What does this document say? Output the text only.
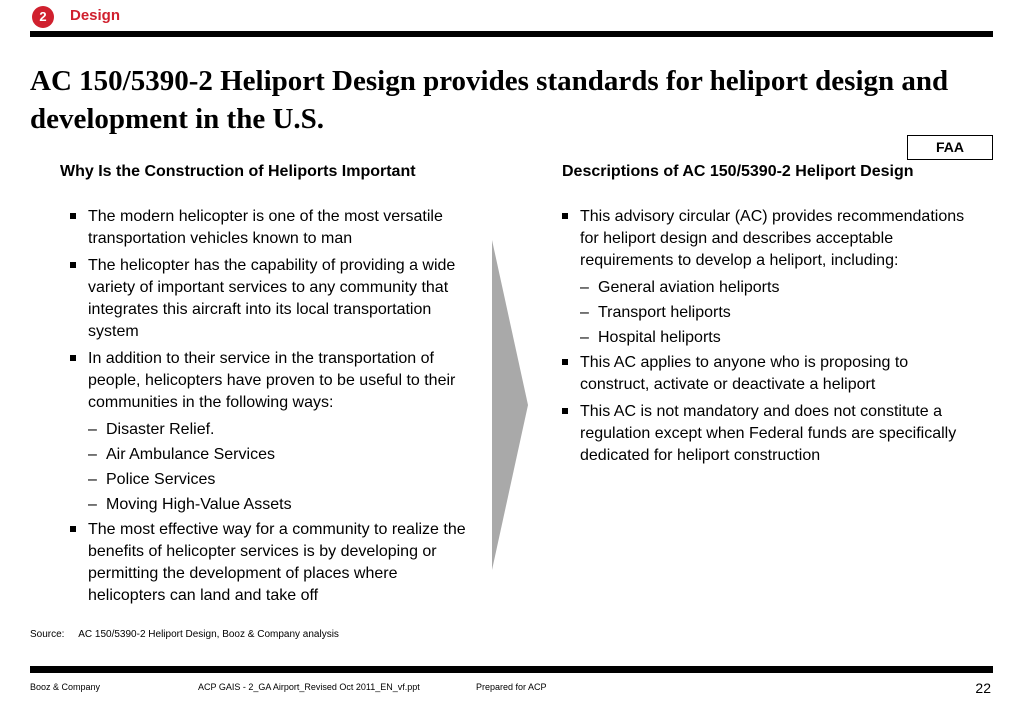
2	Design
AC 150/5390-2 Heliport Design provides standards for heliport design and development in the U.S.
FAA
Why Is the Construction of Heliports Important	Descriptions of AC 150/5390-2 Heliport Design
The modern helicopter is one of the most versatile transportation vehicles known to man
The helicopter has the capability of providing a wide variety of important services to any community that integrates this aircraft into its local transportation system
In addition to their service in the transportation of people, helicopters have proven to be useful to their communities in the following ways:
– Disaster Relief.
– Air Ambulance Services
– Police Services
– Moving High-Value Assets
The most effective way for a community to realize the benefits of helicopter services is by developing or permitting the development of places where helicopters can land and take off
This advisory circular (AC) provides recommendations for heliport design and describes acceptable requirements to develop a heliport, including:
– General aviation heliports
– Transport heliports
– Hospital heliports
This AC applies to anyone who is proposing to construct, activate or deactivate a heliport
This AC is not mandatory and does not constitute a regulation except when Federal funds are specifically dedicated for heliport construction
Source: AC 150/5390-2 Heliport Design, Booz & Company analysis
Booz & Company	ACP GAIS - 2_GA Airport_Revised Oct 2011_EN_vf.ppt	Prepared for ACP	22
